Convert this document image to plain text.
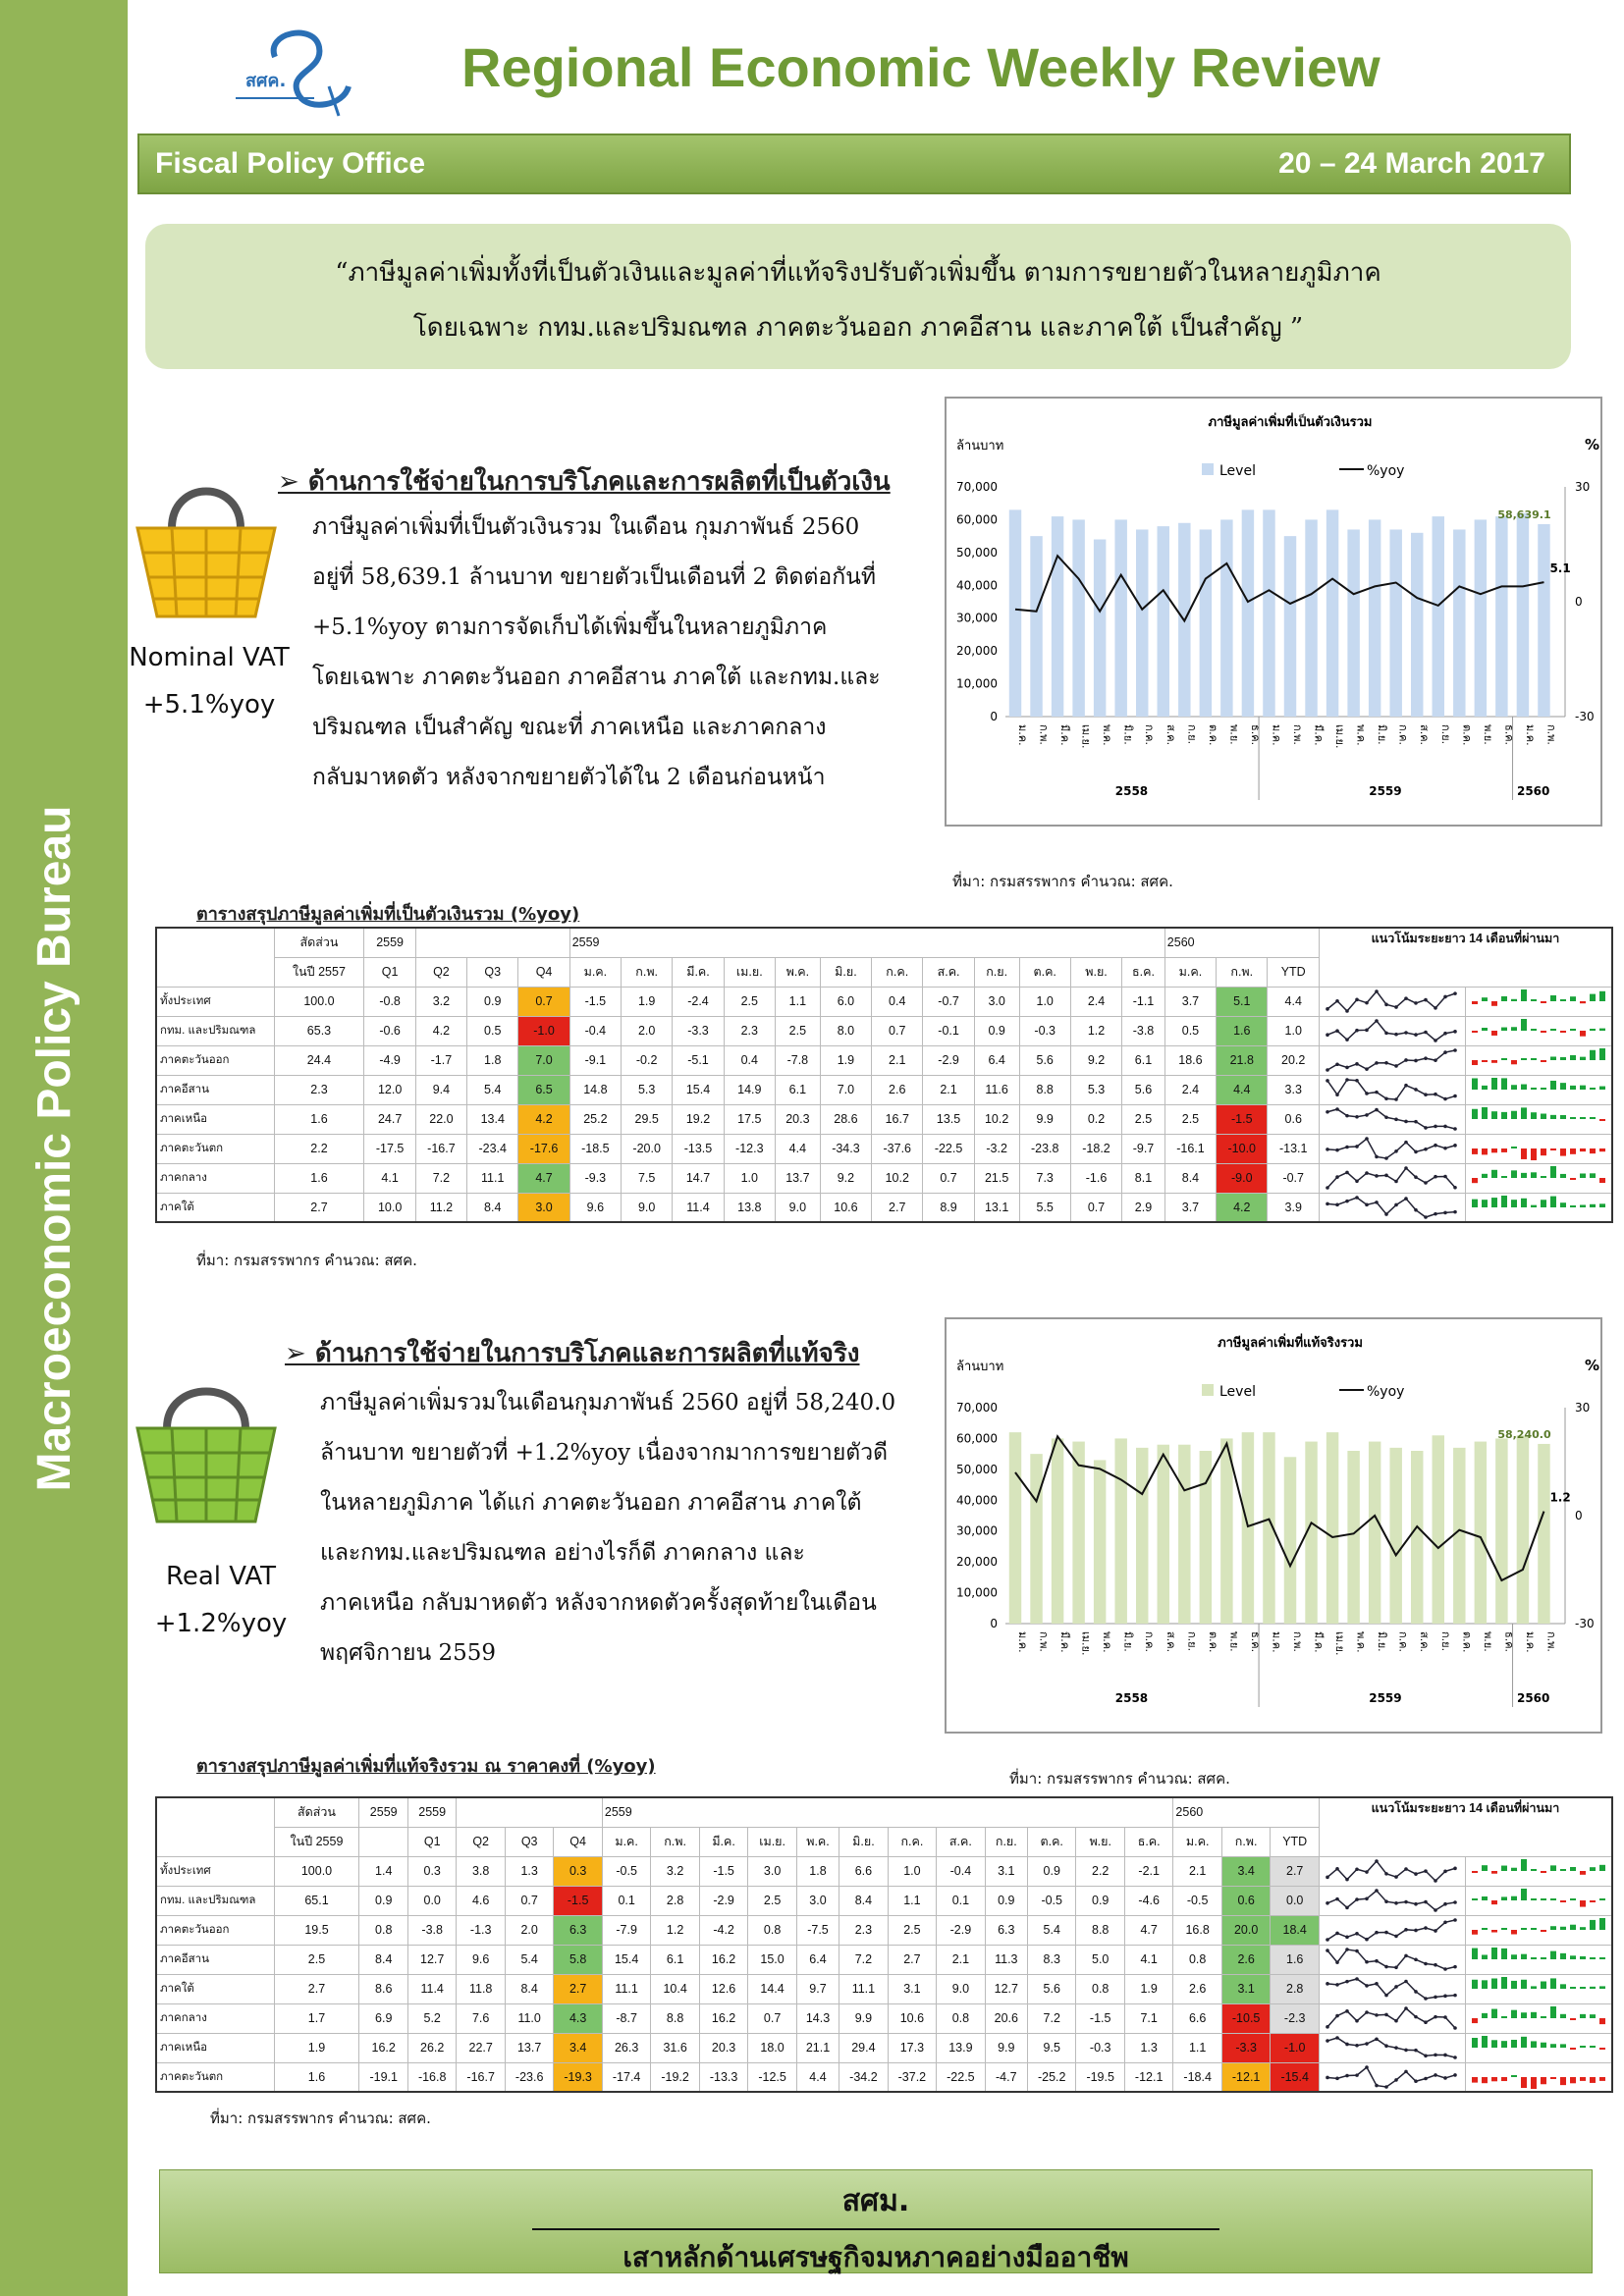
Macroeconomic Policy Bureau
สศค.	Regional Economic Weekly Review
Fiscal Policy Office	20 – 24 March 2017
“ภาษีมูลค่าเพิ่มทั้งที่เป็นตัวเงินและมูลค่าที่แท้จริงปรับตัวเพิ่มขึ้น ตามการขยายตัวในหลายภูมิภาค
โดยเฉพาะ กทม.และปริมณฑล ภาคตะวันออก ภาคอีสาน และภาคใต้ เป็นสำคัญ ”
Nominal VAT
+5.1%yoy
➢ ด้านการใช้จ่ายในการบริโภคและการผลิตที่เป็นตัวเงิน
ภาษีมูลค่าเพิ่มที่เป็นตัวเงินรวม ในเดือน กุมภาพันธ์ 2560
อยู่ที่ 58,639.1 ล้านบาท ขยายตัวเป็นเดือนที่ 2 ติดต่อกันที่
+5.1%yoy ตามการจัดเก็บได้เพิ่มขึ้นในหลายภูมิภาค
โดยเฉพาะ ภาคตะวันออก ภาคอีสาน ภาคใต้ และกทม.และ
ปริมณฑล เป็นสำคัญ ขณะที่ ภาคเหนือ และภาคกลาง
กลับมาหดตัว หลังจากขยายตัวได้ใน 2 เดือนก่อนหน้า
ภาษีมูลค่าเพิ่มที่เป็นตัวเงินรวม
ล้านบาท	%
Level	%yoy
70,000
60,000
50,000
40,000
30,000
20,000
10,000
0
30
0
-30
ม.ค. ก.พ. มี.ค. เม.ย. พ.ค. มิ.ย. ก.ค. ส.ค. ก.ย. ต.ค. พ.ย. ธ.ค. ม.ค. ก.พ. มี.ค. เม.ย. พ.ค. มิ.ย. ก.ค. ส.ค. ก.ย. ต.ค. พ.ย. ธ.ค. ม.ค. ก.พ.
2558	2559	2560
58,639.1
5.1
ที่มา: กรมสรรพากร คำนวณ: สศค.
ตารางสรุปภาษีมูลค่าเพิ่มที่เป็นตัวเงินรวม (%yoy)
	สัดส่วน	2559				2559												2560			แนวโน้มระยะยาว 14 เดือนที่ผ่านมา	
	ในปี 2557	Q1	Q2	Q3	Q4	ม.ค.	ก.พ.	มี.ค.	เม.ย.	พ.ค.	มิ.ย.	ก.ค.	ส.ค.	ก.ย.	ต.ค.	พ.ย.	ธ.ค.	ม.ค.	ก.พ.	YTD		
ทั้งประเทศ	100.0	-0.8	3.2	0.9	0.7	-1.5	1.9	-2.4	2.5	1.1	6.0	0.4	-0.7	3.0	1.0	2.4	-1.1	3.7	5.1	4.4	

กทม. และปริมณฑล	65.3	-0.6	4.2	0.5	-1.0	-0.4	2.0	-3.3	2.3	2.5	8.0	0.7	-0.1	0.9	-0.3	1.2	-3.8	0.5	1.6	1.0	

ภาคตะวันออก	24.4	-4.9	-1.7	1.8	7.0	-9.1	-0.2	-5.1	0.4	-7.8	1.9	2.1	-2.9	6.4	5.6	9.2	6.1	18.6	21.8	20.2	

ภาคอีสาน	2.3	12.0	9.4	5.4	6.5	14.8	5.3	15.4	14.9	6.1	7.0	2.6	2.1	11.6	8.8	5.3	5.6	2.4	4.4	3.3	

ภาคเหนือ	1.6	24.7	22.0	13.4	4.2	25.2	29.5	19.2	17.5	20.3	28.6	16.7	13.5	10.2	9.9	0.2	2.5	2.5	-1.5	0.6	

ภาคตะวันตก	2.2	-17.5	-16.7	-23.4	-17.6	-18.5	-20.0	-13.5	-12.3	4.4	-34.3	-37.6	-22.5	-3.2	-23.8	-18.2	-9.7	-16.1	-10.0	-13.1	

ภาคกลาง	1.6	4.1	7.2	11.1	4.7	-9.3	7.5	14.7	1.0	13.7	9.2	10.2	0.7	21.5	7.3	-1.6	8.1	8.4	-9.0	-0.7	

ภาคใต้	2.7	10.0	11.2	8.4	3.0	9.6	9.0	11.4	13.8	9.0	10.6	2.7	8.9	13.1	5.5	0.7	2.9	3.7	4.2	3.9	

ที่มา: กรมสรรพากร คำนวณ: สศค.
Real VAT
+1.2%yoy
➢ ด้านการใช้จ่ายในการบริโภคและการผลิตที่แท้จริง
ภาษีมูลค่าเพิ่มรวมในเดือนกุมภาพันธ์ 2560 อยู่ที่ 58,240.0
ล้านบาท ขยายตัวที่ +1.2%yoy เนื่องจากมาการขยายตัวดี
ในหลายภูมิภาค ได้แก่ ภาคตะวันออก ภาคอีสาน ภาคใต้
และกทม.และปริมณฑล อย่างไรก็ดี ภาคกลาง และ
ภาคเหนือ กลับมาหดตัว หลังจากหดตัวครั้งสุดท้ายในเดือน
พฤศจิกายน 2559
ภาษีมูลค่าเพิ่มที่แท้จริงรวม
ล้านบาท	%
Level	%yoy
70,000
60,000
50,000
40,000
30,000
20,000
10,000
0
30
0
-30
ม.ค. ก.พ. มี.ค. เม.ย. พ.ค. มิ.ย. ก.ค. ส.ค. ก.ย. ต.ค. พ.ย. ธ.ค. ม.ค. ก.พ. มี.ค. เม.ย. พ.ค. มิ.ย. ก.ค. ส.ค. ก.ย. ต.ค. พ.ย. ธ.ค. ม.ค. ก.พ.
2558	2559	2560
58,240.0
1.2
ที่มา: กรมสรรพากร คำนวณ: สศค.
ตารางสรุปภาษีมูลค่าเพิ่มที่แท้จริงรวม ณ ราคาคงที่ (%yoy)
	สัดส่วน	2559	2559				2559												2560			แนวโน้มระยะยาว 14 เดือนที่ผ่านมา	
	ในปี 2559		Q1	Q2	Q3	Q4	ม.ค.	ก.พ.	มี.ค.	เม.ย.	พ.ค.	มิ.ย.	ก.ค.	ส.ค.	ก.ย.	ต.ค.	พ.ย.	ธ.ค.	ม.ค.	ก.พ.	YTD		
ทั้งประเทศ	100.0	1.4	0.3	3.8	1.3	0.3	-0.5	3.2	-1.5	3.0	1.8	6.6	1.0	-0.4	3.1	0.9	2.2	-2.1	2.1	3.4	2.7	

กทม. และปริมณฑล	65.1	0.9	0.0	4.6	0.7	-1.5	0.1	2.8	-2.9	2.5	3.0	8.4	1.1	0.1	0.9	-0.5	0.9	-4.6	-0.5	0.6	0.0	

ภาคตะวันออก	19.5	0.8	-3.8	-1.3	2.0	6.3	-7.9	1.2	-4.2	0.8	-7.5	2.3	2.5	-2.9	6.3	5.4	8.8	4.7	16.8	20.0	18.4	

ภาคอีสาน	2.5	8.4	12.7	9.6	5.4	5.8	15.4	6.1	16.2	15.0	6.4	7.2	2.7	2.1	11.3	8.3	5.0	4.1	0.8	2.6	1.6	

ภาคใต้	2.7	8.6	11.4	11.8	8.4	2.7	11.1	10.4	12.6	14.4	9.7	11.1	3.1	9.0	12.7	5.6	0.8	1.9	2.6	3.1	2.8	

ภาคกลาง	1.7	6.9	5.2	7.6	11.0	4.3	-8.7	8.8	16.2	0.7	14.3	9.9	10.6	0.8	20.6	7.2	-1.5	7.1	6.6	-10.5	-2.3	

ภาคเหนือ	1.9	16.2	26.2	22.7	13.7	3.4	26.3	31.6	20.3	18.0	21.1	29.4	17.3	13.9	9.9	9.5	-0.3	1.3	1.1	-3.3	-1.0	

ภาคตะวันตก	1.6	-19.1	-16.8	-16.7	-23.6	-19.3	-17.4	-19.2	-13.3	-12.5	4.4	-34.2	-37.2	-22.5	-4.7	-25.2	-19.5	-12.1	-18.4	-12.1	-15.4	

ที่มา: กรมสรรพากร คำนวณ: สศค.
สศม.
เสาหลักด้านเศรษฐกิจมหภาคอย่างมืออาชีพ
